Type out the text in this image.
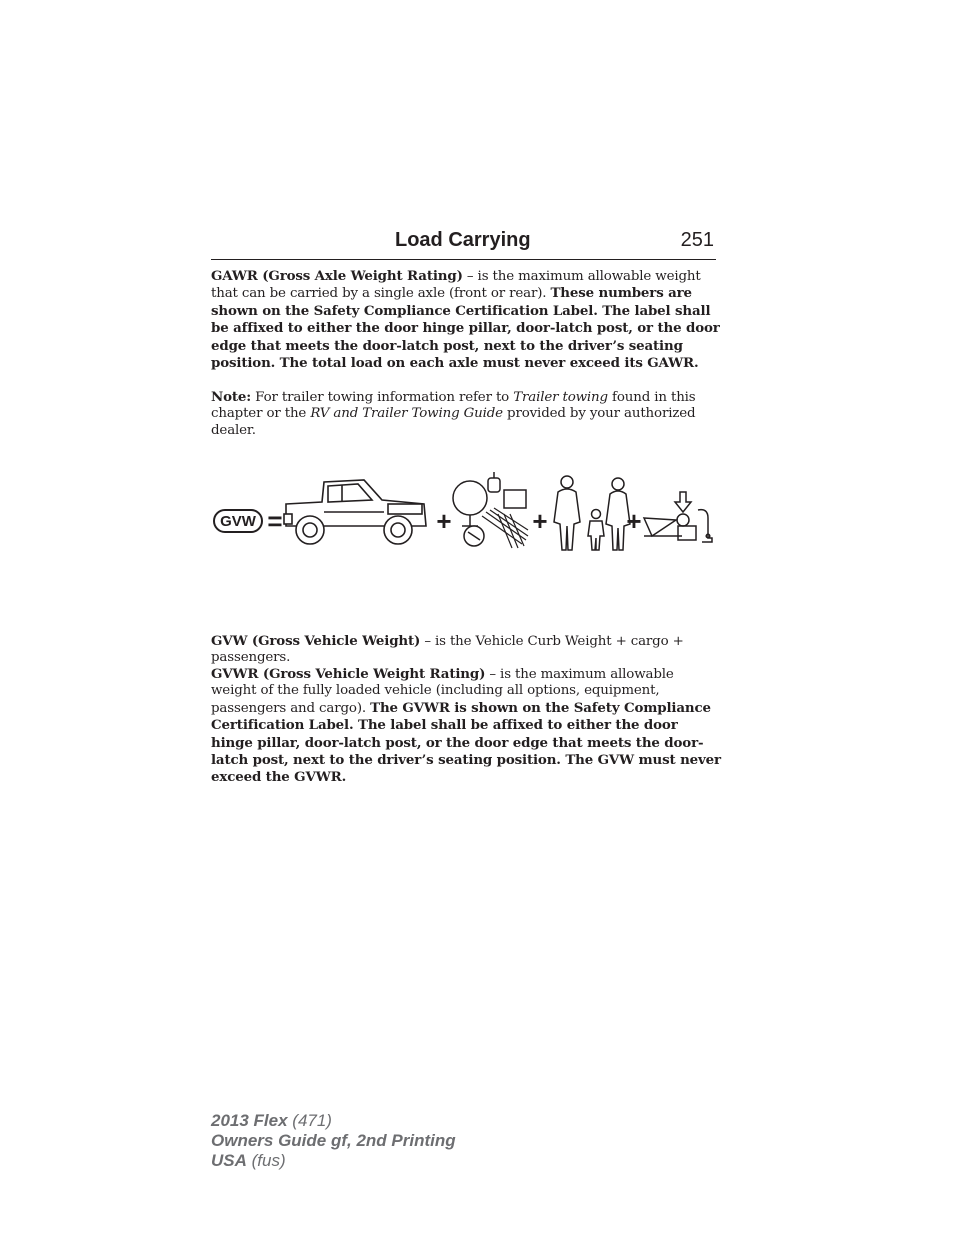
Load Carrying	251

GAWR (Gross Axle Weight Rating) – is the maximum allowable weight that can be carried by a single axle (front or rear). These numbers are shown on the Safety Compliance Certification Label. The label shall be affixed to either the door hinge pillar, door-latch post, or the door edge that meets the door-latch post, next to the driver’s seating position. The total load on each axle must never exceed its GAWR.

Note: For trailer towing information refer to Trailer towing found in this chapter or the RV and Trailer Towing Guide provided by your authorized dealer.

GVW =	+	+	+

GVW (Gross Vehicle Weight) – is the Vehicle Curb Weight + cargo + passengers.

GVWR (Gross Vehicle Weight Rating) – is the maximum allowable weight of the fully loaded vehicle (including all options, equipment, passengers and cargo). The GVWR is shown on the Safety Compliance Certification Label. The label shall be affixed to either the door hinge pillar, door-latch post, or the door edge that meets the door-latch post, next to the driver’s seating position. The GVW must never exceed the GVWR.

2013 Flex (471)
Owners Guide gf, 2nd Printing
USA (fus)
